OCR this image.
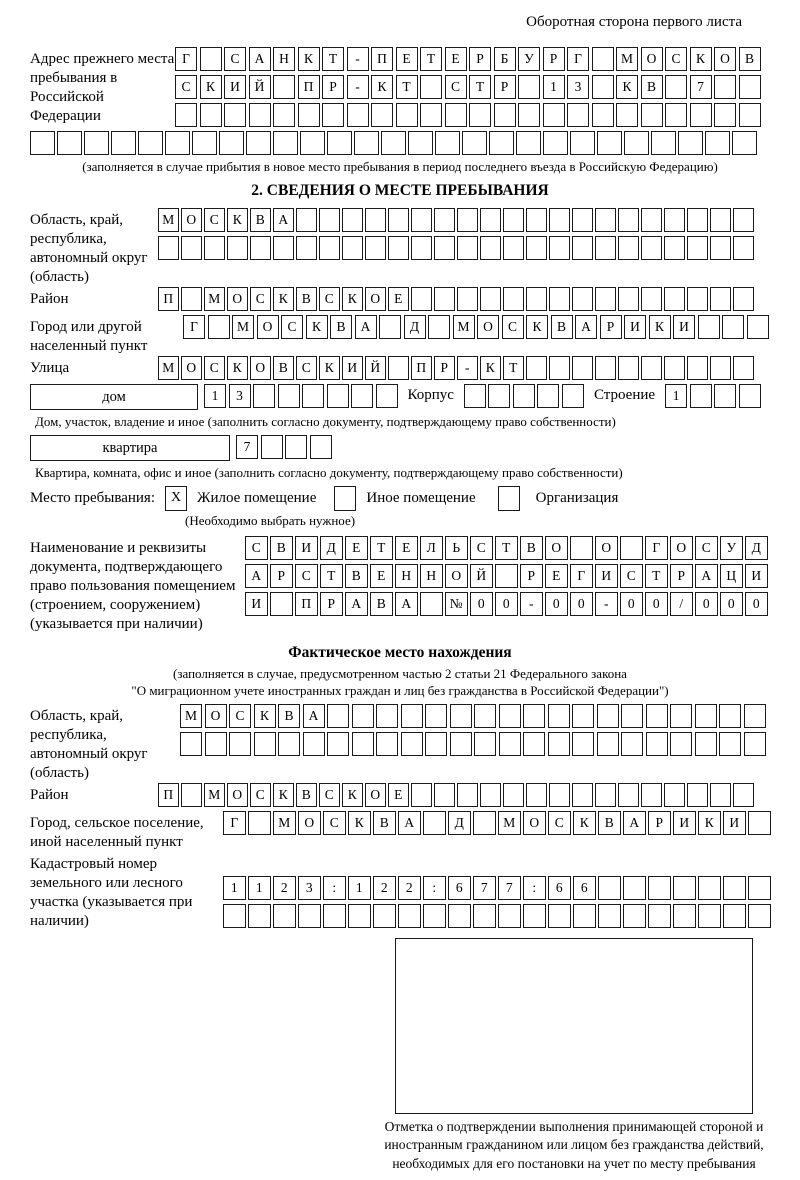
Оборотная сторона первого листа
Адрес прежнего места пребывания в Российской Федерации
Г	С	А	Н	К	Т	-	П	Е	Т	Е	Р	Б	У	Р	Г	М	О	С	К	О	В
С	К	И	Й	П	Р	-	К	Т	С	Т	Р	1	3	К	В	7
(заполняется в случае прибытия в новое место пребывания в период последнего въезда в Российскую Федерацию)
2. СВЕДЕНИЯ О МЕСТЕ ПРЕБЫВАНИЯ
Область, край, республика, автономный округ (область)
М О	С	К	В	А
Район	П	М О	С	К	В	С	К	О	Е
Город или другой населенный пункт
Г	М	О	С	К	В	А	Д	М	О	С	К	В	А	Р	И	К	И
Улица	М О	С	К	О	В	С	К	И Й	П	Р	-	К	Т
дом	1	3	Корпус	Строение	1
Дом, участок, владение и иное (заполнить согласно документу, подтверждающему право собственности)
квартира	7
Квартира, комната, офис и иное (заполнить согласно документу, подтверждающему право собственности)
Место пребывания:	X	Жилое помещение	Иное помещение	Организация
(Необходимо выбрать нужное)
Наименование и реквизиты документа, подтверждающего право пользования помещением (строением, сооружением) (указывается при наличии)
С	В	И	Д	Е	Т	Е	Л	Ь	С	Т	В	О	О	Г	О	С	У	Д
А	Р	С	Т	В	Е	Н	Н	О	Й	Р	Е	Г	И	С	Т	Р	А	Ц	И
И	П	Р	А	В	А	№	0	0	-	0	0	-	0	0	/	0	0	0
Фактическое место нахождения
(заполняется в случае, предусмотренном частью 2 статьи 21 Федерального закона
"О миграционном учете иностранных граждан и лиц без гражданства в Российской Федерации")
Область, край, республика, автономный округ (область)
М	О	С	К	В	А
Район	П	М О	С	К	В	С	К	О	Е
Город, сельское поселение, иной населенный пункт
Г	М	О	С	К	В	А	Д	М	О	С	К	В	А	Р	И	К	И
Кадастровый номер земельного или лесного участка (указывается при наличии)
1	1	2	3	:	1	2	2	:	6	7	7	:	6	6
Отметка о подтверждении выполнения принимающей стороной и иностранным гражданином или лицом без гражданства действий, необходимых для его постановки на учет по месту пребывания
